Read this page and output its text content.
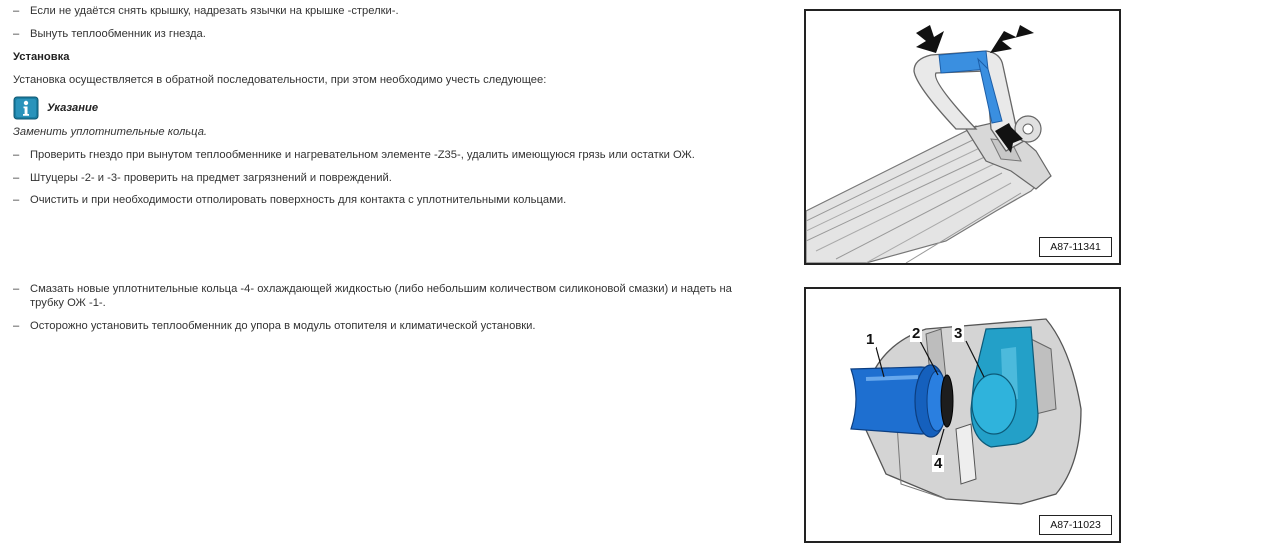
– Если не удаётся снять крышку, надрезать язычки на крышке -стрелки-.
– Вынуть теплообменник из гнезда.
Установка
Установка осуществляется в обратной последовательности, при этом необходимо учесть следующее:
Указание
Заменить уплотнительные кольца.
– Проверить гнездо при вынутом теплообменнике и нагревательном элементе -Z35-, удалить имеющуюся грязь или остатки ОЖ.
– Штуцеры -2- и -3- проверить на предмет загрязнений и повреждений.
– Очистить и при необходимости отполировать поверхность для контакта с уплотнительными кольцами.
– Смазать новые уплотнительные кольца -4- охлаждающей жидкостью (либо небольшим количеством силиконовой смазки) и надеть на трубку ОЖ -1-.
– Осторожно установить теплообменник до упора в модуль отопителя и климатической установки.
A87-11341
1	2 3
4
A87-11023
